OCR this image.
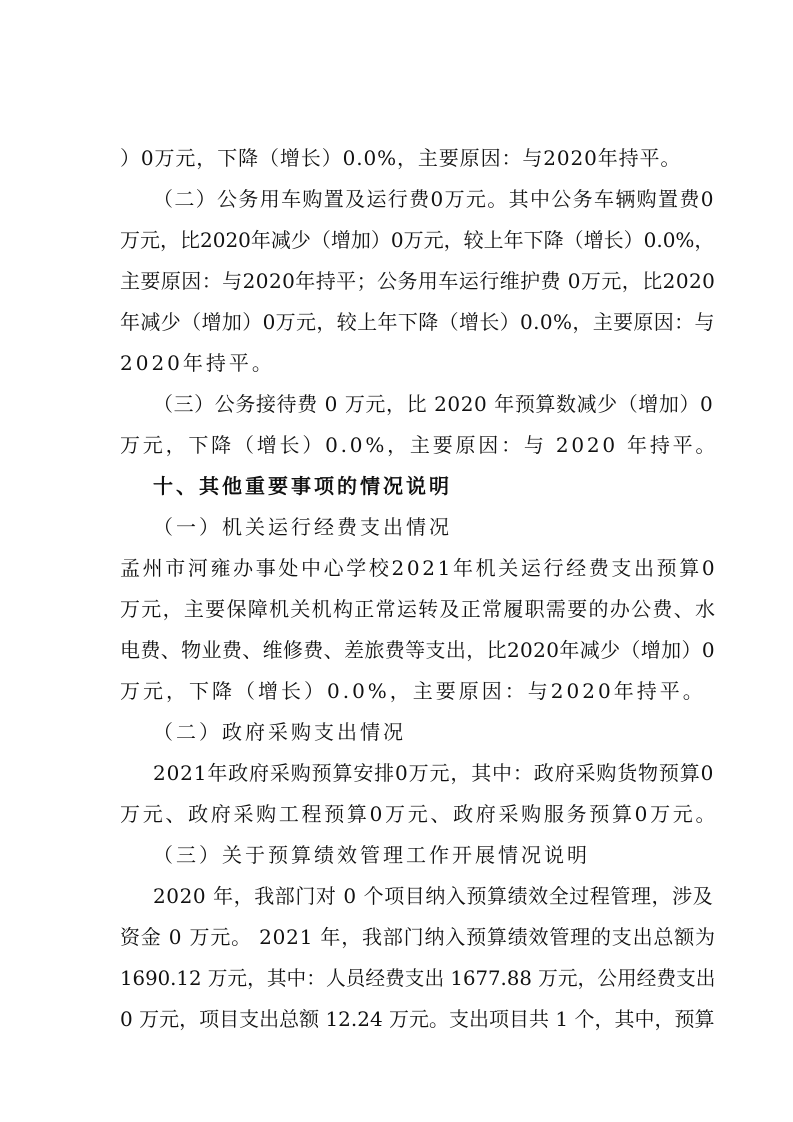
）0万元，下降（增长）0.0%，主要原因：与2020年持平。
（二）公务用车购置及运行费0万元。其中公务车辆购置费0
万元，比2020年减少（增加）0万元，较上年下降（增长）0.0%，
主要原因：与2020年持平；公务用车运行维护费 0万元，比2020
年减少（增加）0万元，较上年下降（增长）0.0%，主要原因：与
2020年持平。
（三）公务接待费 0 万元，比 2020 年预算数减少（增加）0
万元，下降（增长）0.0%，主要原因：与 2020 年持平。
十、其他重要事项的情况说明
（一）机关运行经费支出情况
孟州市河雍办事处中心学校2021年机关运行经费支出预算0
万元，主要保障机关机构正常运转及正常履职需要的办公费、水
电费、物业费、维修费、差旅费等支出，比2020年减少（增加）0
万元，下降（增长）0.0%，主要原因：与2020年持平。
（二）政府采购支出情况
2021年政府采购预算安排0万元，其中：政府采购货物预算0
万元、政府采购工程预算0万元、政府采购服务预算0万元。
（三）关于预算绩效管理工作开展情况说明
2020 年，我部门对 0 个项目纳入预算绩效全过程管理，涉及
资金 0 万元。 2021 年，我部门纳入预算绩效管理的支出总额为
1690.12 万元，其中：人员经费支出 1677.88 万元，公用经费支出
0 万元，项目支出总额 12.24 万元。支出项目共 1 个，其中，预算
